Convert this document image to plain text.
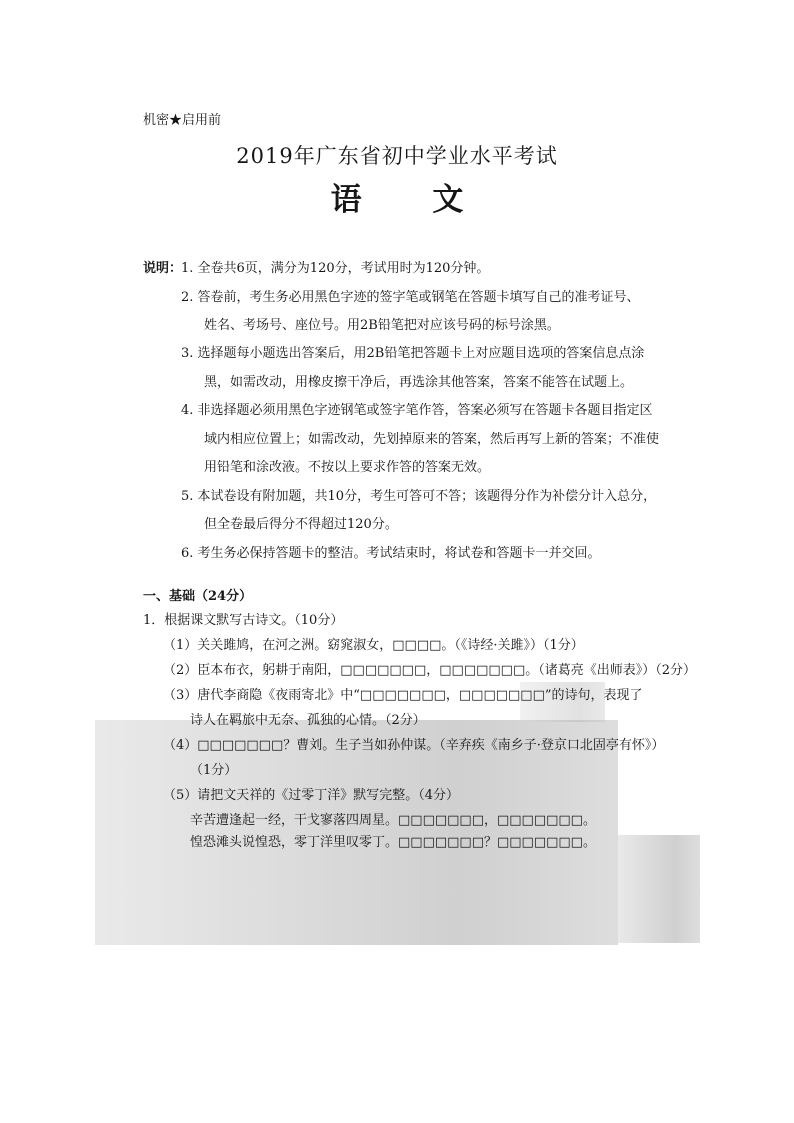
机密★启用前
2019年广东省初中学业水平考试
语 文
说明：
1. 全卷共6页，满分为120分，考试用时为120分钟。
2. 答卷前，考生务必用黑色字迹的签字笔或钢笔在答题卡填写自己的准考证号、
姓名、考场号、座位号。用2B铅笔把对应该号码的标号涂黑。
3. 选择题每小题选出答案后，用2B铅笔把答题卡上对应题目选项的答案信息点涂
黑，如需改动，用橡皮擦干净后，再选涂其他答案，答案不能答在试题上。
4. 非选择题必须用黑色字迹钢笔或签字笔作答，答案必须写在答题卡各题目指定区
域内相应位置上；如需改动，先划掉原来的答案，然后再写上新的答案；不准使
用铅笔和涂改液。不按以上要求作答的答案无效。
5. 本试卷设有附加题，共10分，考生可答可不答；该题得分作为补偿分计入总分，
但全卷最后得分不得超过120分。
6. 考生务必保持答题卡的整洁。考试结束时，将试卷和答题卡一并交回。
一、基础（24分）
1．根据课文默写古诗文。（10分）
（1）关关雎鸠，在河之洲。窈窕淑女，□□□□。（《诗经·关雎》）（1分）
（2）臣本布衣，躬耕于南阳，□□□□□□□，□□□□□□□。（诸葛亮《出师表》）（2分）
（3）唐代李商隐《夜雨寄北》中“□□□□□□□，□□□□□□□”的诗句，表现了
诗人在羁旅中无奈、孤独的心情。（2分）
（4）□□□□□□□？曹刘。生子当如孙仲谋。（辛弃疾《南乡子·登京口北固亭有怀》）
（1分）
（5）请把文天祥的《过零丁洋》默写完整。（4分）
辛苦遭逢起一经，干戈寥落四周星。□□□□□□□，□□□□□□□。
惶恐滩头说惶恐，零丁洋里叹零丁。□□□□□□□？□□□□□□□。
